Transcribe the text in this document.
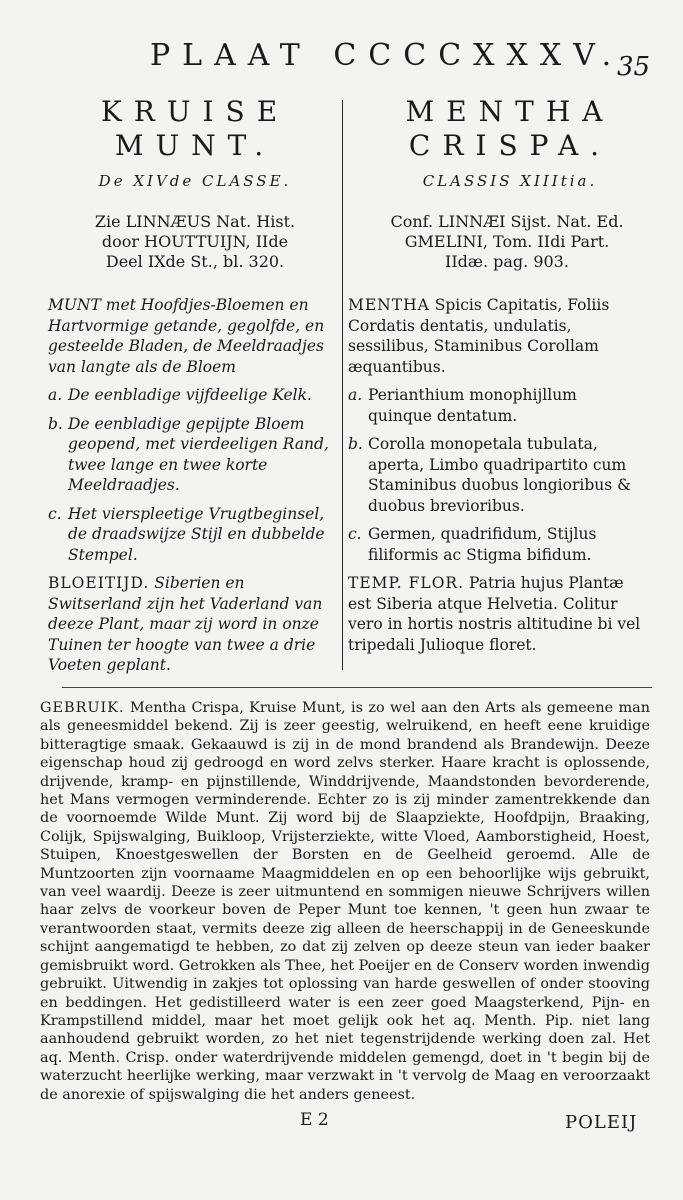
PLAAT CCCCXXXV.
35
KRUISE
MUNT.
De XIVde CLASSE.
Zie LINNÆUS Nat. Hist.
door HOUTTUIJN, IIde
Deel IXde St., bl. 320.
MUNT met Hoofdjes-Bloemen en Hartvormige getande, gegolfde, en gesteelde Bladen, de Meeldraadjes van langte als de Bloem
a. De eenbladige vijfdeelige Kelk.
b. De eenbladige gepijpte Bloem geopend, met vierdeeligen Rand, twee lange en twee korte Meeldraadjes.
c. Het vierspleetige Vrugtbeginsel, de draadswijze Stijl en dubbelde Stempel.
BLOEITIJD. Siberien en Switserland zijn het Vaderland van deeze Plant, maar zij word in onze Tuinen ter hoogte van twee a drie Voeten geplant.
MENTHA
CRISPA.
CLASSIS XIIItia.
Conf. LINNÆI Sijst. Nat. Ed.
GMELINI, Tom. IIdi Part.
IIdæ. pag. 903.
MENTHA Spicis Capitatis, Foliis Cordatis dentatis, undulatis, sessilibus, Staminibus Corollam æquantibus.
a. Perianthium monophijllum quinque dentatum.
b. Corolla monopetala tubulata, aperta, Limbo quadripartito cum Staminibus duobus longioribus & duobus brevioribus.
c. Germen, quadrifidum, Stijlus filiformis ac Stigma bifidum.
TEMP. FLOR. Patria hujus Plantæ est Siberia atque Helvetia. Colitur vero in hortis nostris altitudine bi vel tripedali Julioque floret.
GEBRUIK. Mentha Crispa, Kruise Munt, is zo wel aan den Arts als gemeene man als geneesmiddel bekend. Zij is zeer geestig, welruikend, en heeft eene kruidige bitteragtige smaak. Gekaauwd is zij in de mond brandend als Brandewijn. Deeze eigenschap houd zij gedroogd en word zelvs sterker. Haare kracht is oplossende, drijvende, kramp- en pijnstillende, Winddrijvende, Maandstonden bevorderende, het Mans vermogen verminderende. Echter zo is zij minder zamentrekkende dan de voornoemde Wilde Munt. Zij word bij de Slaapziekte, Hoofdpijn, Braaking, Colijk, Spijswalging, Buikloop, Vrijsterziekte, witte Vloed, Aamborstigheid, Hoest, Stuipen, Knoestgeswellen der Borsten en de Geelheid geroemd. Alle de Muntzoorten zijn voornaame Maagmiddelen en op een behoorlijke wijs gebruikt, van veel waardij. Deeze is zeer uitmuntend en sommigen nieuwe Schrijvers willen haar zelvs de voorkeur boven de Peper Munt toe kennen, 't geen hun zwaar te verantwoorden staat, vermits deeze zig alleen de heerschappij in de Geneeskunde schijnt aangematigd te hebben, zo dat zij zelven op deeze steun van ieder baaker gemisbruikt word. Getrokken als Thee, het Poeijer en de Conserv worden inwendig gebruikt. Uitwendig in zakjes tot oplossing van harde geswellen of onder stooving en beddingen. Het gedistilleerd water is een zeer goed Maagsterkend, Pijn- en Krampstillend middel, maar het moet gelijk ook het aq. Menth. Pip. niet lang aanhoudend gebruikt worden, zo het niet tegenstrijdende werking doen zal. Het aq. Menth. Crisp. onder waterdrijvende middelen gemengd, doet in 't begin bij de waterzucht heerlijke werking, maar verzwakt in 't vervolg de Maag en veroorzaakt de anorexie of spijswalging die het anders geneest.
E 2	POLEIJ
